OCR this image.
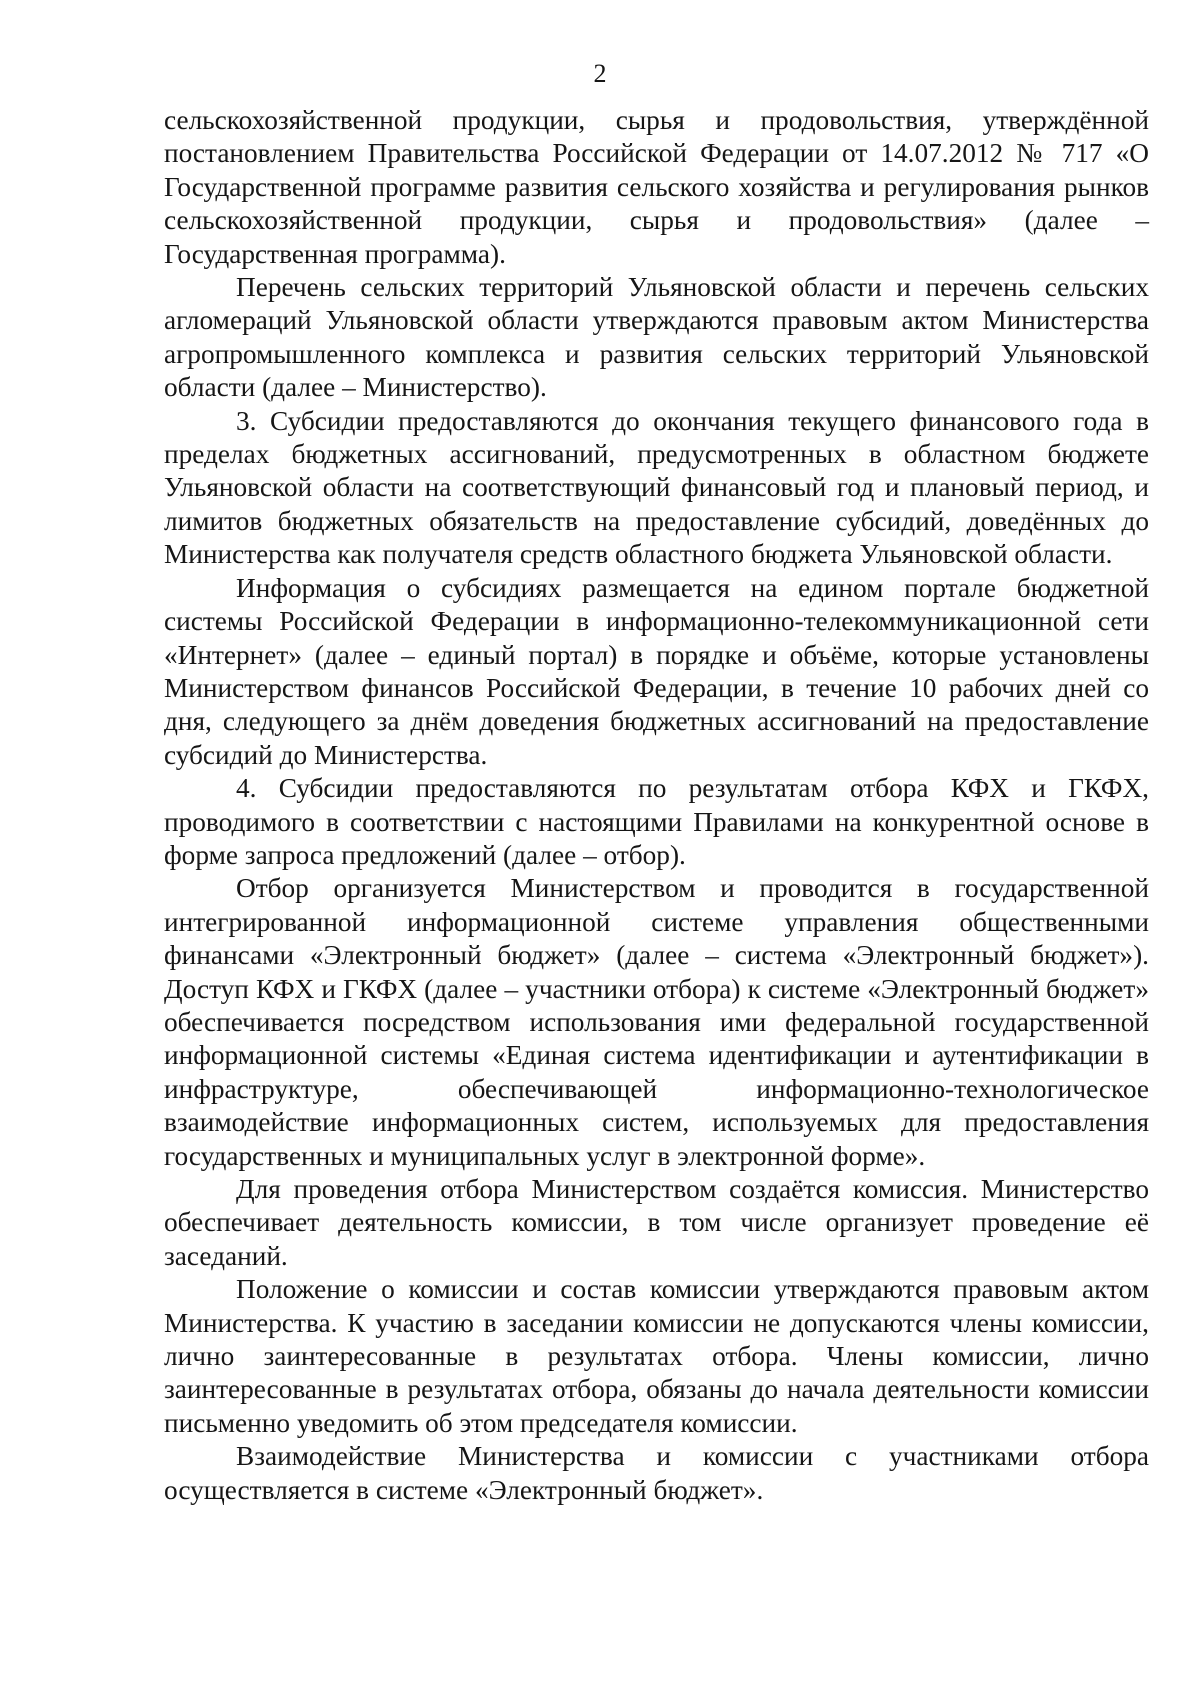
2

сельскохозяйственной продукции, сырья и продовольствия, утверждённой постановлением Правительства Российской Федерации от 14.07.2012 № 717 «О Государственной программе развития сельского хозяйства и регулирования рынков сельскохозяйственной продукции, сырья и продовольствия» (далее – Государственная программа).

Перечень сельских территорий Ульяновской области и перечень сельских агломераций Ульяновской области утверждаются правовым актом Министерства агропромышленного комплекса и развития сельских территорий Ульяновской области (далее – Министерство).

3. Субсидии предоставляются до окончания текущего финансового года в пределах бюджетных ассигнований, предусмотренных в областном бюджете Ульяновской области на соответствующий финансовый год и плановый период, и лимитов бюджетных обязательств на предоставление субсидий, доведённых до Министерства как получателя средств областного бюджета Ульяновской области.

Информация о субсидиях размещается на едином портале бюджетной системы Российской Федерации в информационно-телекоммуникационной сети «Интернет» (далее – единый портал) в порядке и объёме, которые установлены Министерством финансов Российской Федерации, в течение 10 рабочих дней со дня, следующего за днём доведения бюджетных ассигнований на предоставление субсидий до Министерства.

4. Субсидии предоставляются по результатам отбора КФХ и ГКФХ, проводимого в соответствии с настоящими Правилами на конкурентной основе в форме запроса предложений (далее – отбор).

Отбор организуется Министерством и проводится в государственной интегрированной информационной системе управления общественными финансами «Электронный бюджет» (далее – система «Электронный бюджет»). Доступ КФХ и ГКФХ (далее – участники отбора) к системе «Электронный бюджет» обеспечивается посредством использования ими федеральной государственной информационной системы «Единая система идентификации и аутентификации в инфраструктуре, обеспечивающей информационно-технологическое взаимодействие информационных систем, используемых для предоставления государственных и муниципальных услуг в электронной форме».

Для проведения отбора Министерством создаётся комиссия. Министерство обеспечивает деятельность комиссии, в том числе организует проведение её заседаний.

Положение о комиссии и состав комиссии утверждаются правовым актом Министерства. К участию в заседании комиссии не допускаются члены комиссии, лично заинтересованные в результатах отбора. Члены комиссии, лично заинтересованные в результатах отбора, обязаны до начала деятельности комиссии письменно уведомить об этом председателя комиссии.

Взаимодействие Министерства и комиссии с участниками отбора осуществляется в системе «Электронный бюджет».
